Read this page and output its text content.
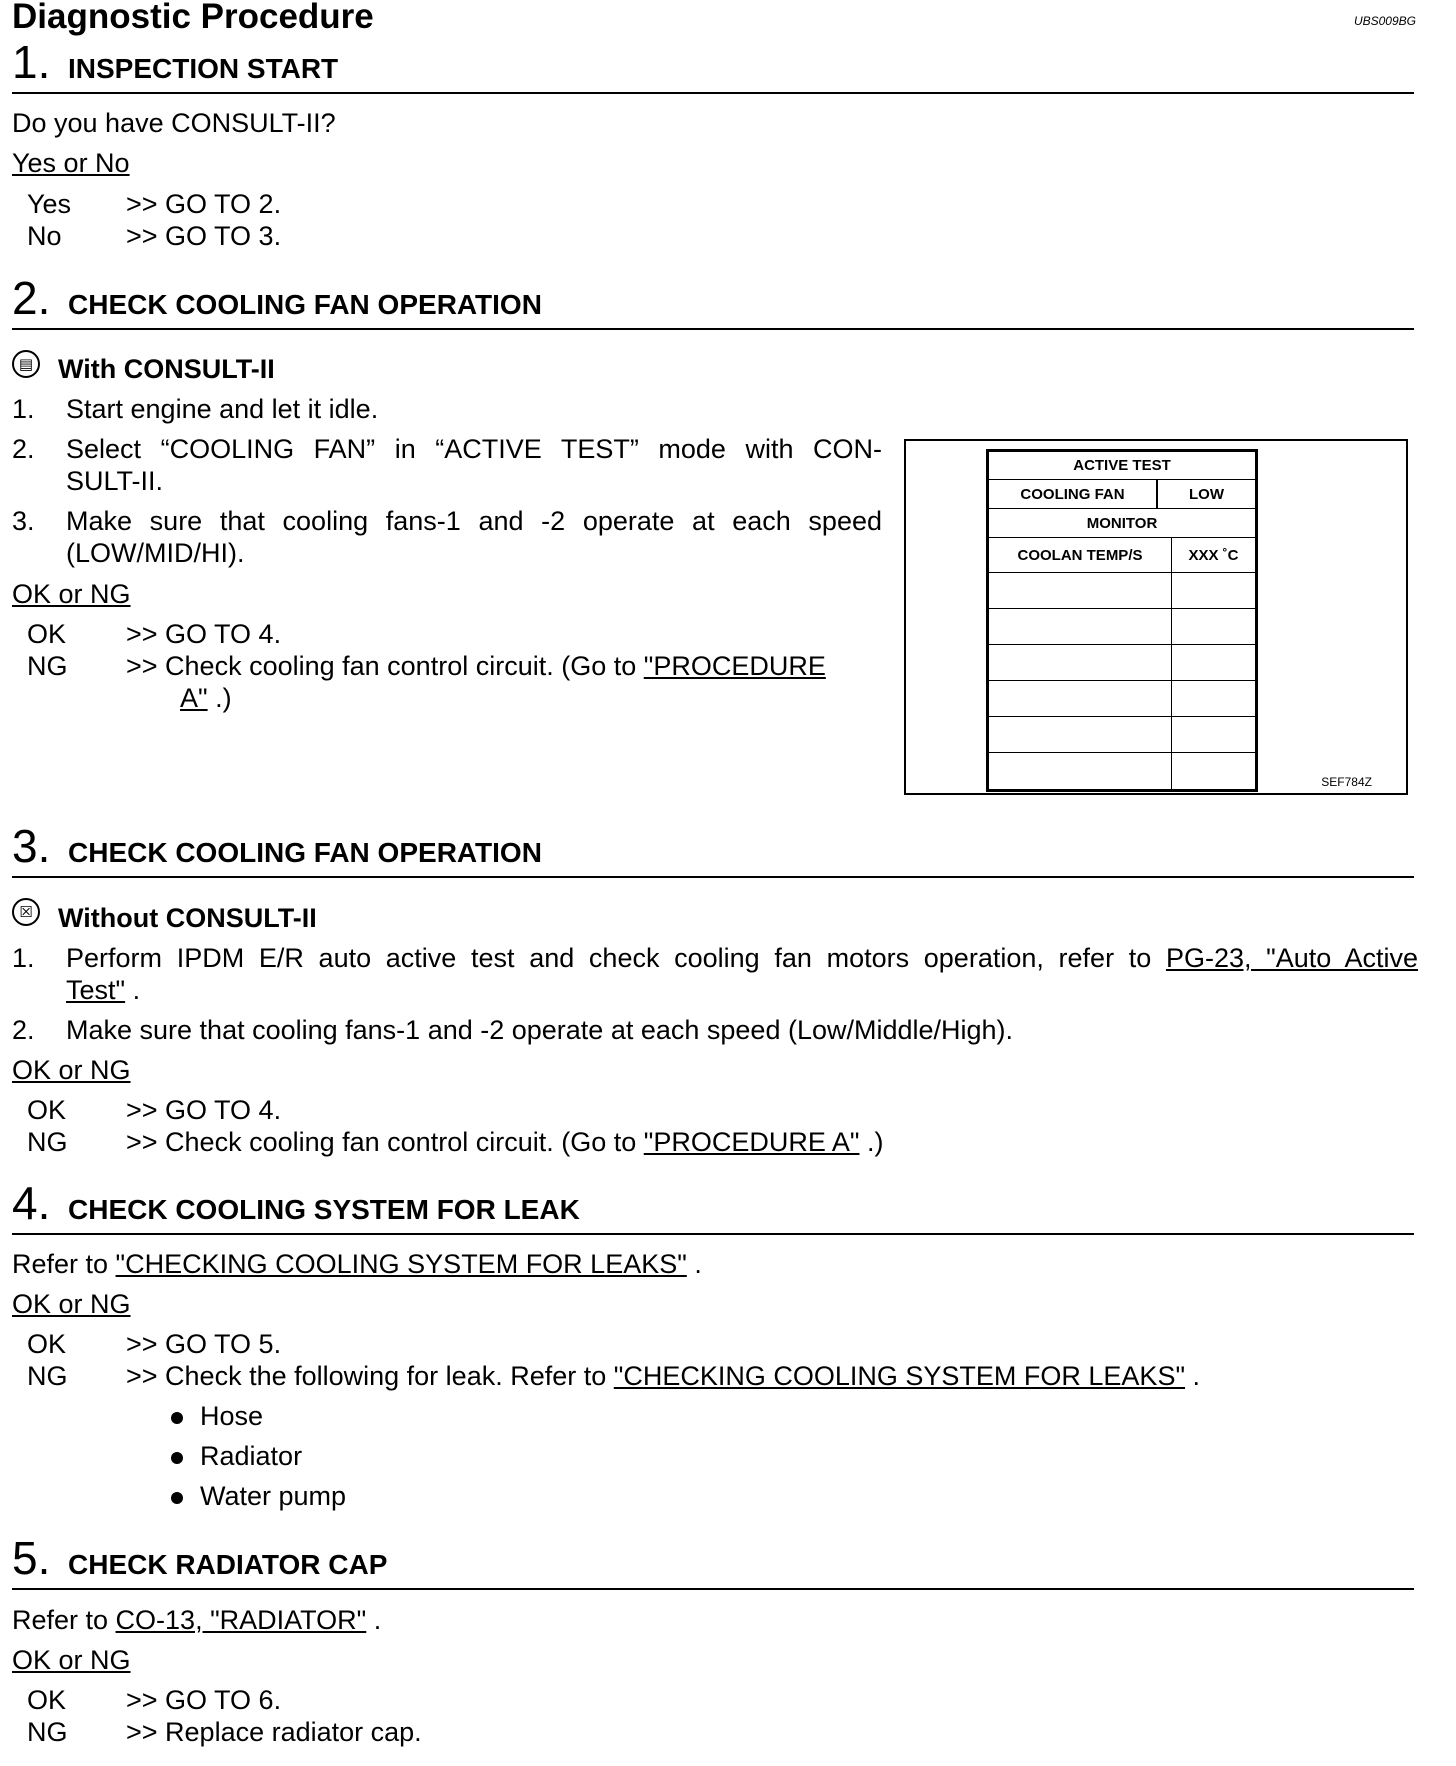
Diagnostic Procedure	UBS009BG
1. INSPECTION START
Do you have CONSULT-II?
Yes or No
Yes >> GO TO 2.
No >> GO TO 3.
2. CHECK COOLING FAN OPERATION
▤ With CONSULT-II
1. Start engine and let it idle.
2. Select “COOLING FAN” in “ACTIVE TEST” mode with CON-
SULT-II.
3. Make sure that cooling fans-1 and -2 operate at each speed
(LOW/MID/HI).
OK or NG
OK >> GO TO 4.
NG >> Check cooling fan control circuit. (Go to "PROCEDURE
A" .)
ACTIVE TEST
COOLING FAN	LOW
MONITOR
COOLAN TEMP/S	XXX ˚C
SEF784Z
3. CHECK COOLING FAN OPERATION
☒ Without CONSULT-II
1. Perform IPDM E/R auto active test and check cooling fan motors operation, refer to PG-23, "Auto Active
Test" .
2. Make sure that cooling fans-1 and -2 operate at each speed (Low/Middle/High).
OK or NG
OK >> GO TO 4.
NG >> Check cooling fan control circuit. (Go to "PROCEDURE A" .)
4. CHECK COOLING SYSTEM FOR LEAK
Refer to "CHECKING COOLING SYSTEM FOR LEAKS" .
OK or NG
OK >> GO TO 5.
NG >> Check the following for leak. Refer to "CHECKING COOLING SYSTEM FOR LEAKS" .
Hose
Radiator
Water pump
5. CHECK RADIATOR CAP
Refer to CO-13, "RADIATOR" .
OK or NG
OK >> GO TO 6.
NG >> Replace radiator cap.
